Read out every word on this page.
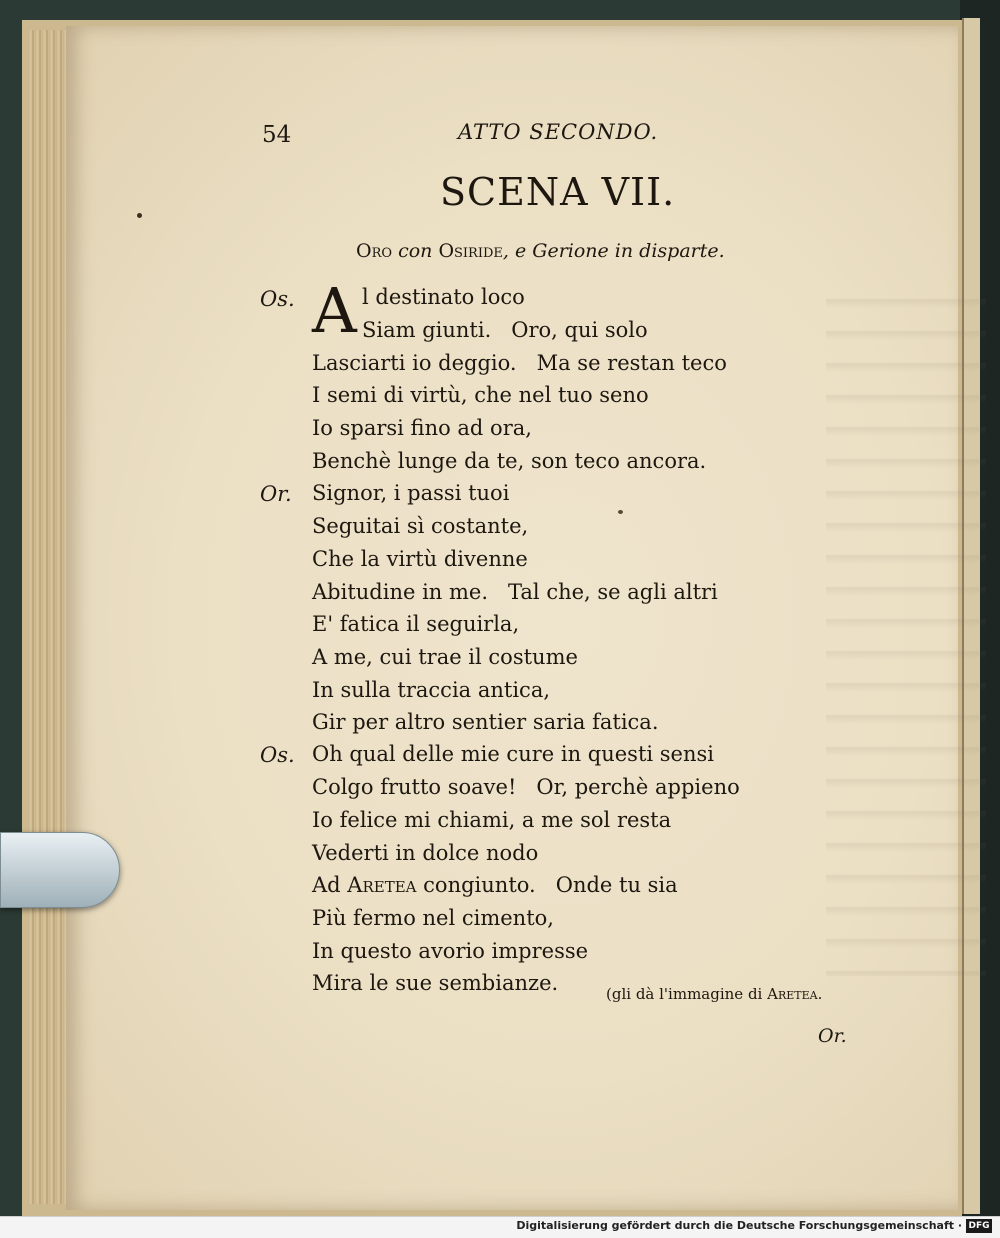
54	ATTO SECONDO.
SCENA VII.
Oro con Osiride, e Gerione in disparte.
Os.
Or.
Os.
A l destinato loco
Siam giunti.   Oro, qui solo
Lasciarti io deggio.   Ma se restan teco
I semi di virtù, che nel tuo seno
Io sparsi fino ad ora,
Benchè lunge da te, son teco ancora.
Signor, i passi tuoi
Seguitai sì costante,
Che la virtù divenne
Abitudine in me.   Tal che, se agli altri
E' fatica il seguirla,
A me, cui trae il costume
In sulla traccia antica,
Gir per altro sentier saria fatica.
Oh qual delle mie cure in questi sensi
Colgo frutto soave!   Or, perchè appieno
Io felice mi chiami, a me sol resta
Vederti in dolce nodo
Ad Aretea congiunto.   Onde tu sia
Più fermo nel cimento,
In questo avorio impresse
Mira le sue sembianze.	(gli dà l'immagine di Aretea.
Or.
Digitalisierung gefördert durch die Deutsche Forschungsgemeinschaft · DFG
